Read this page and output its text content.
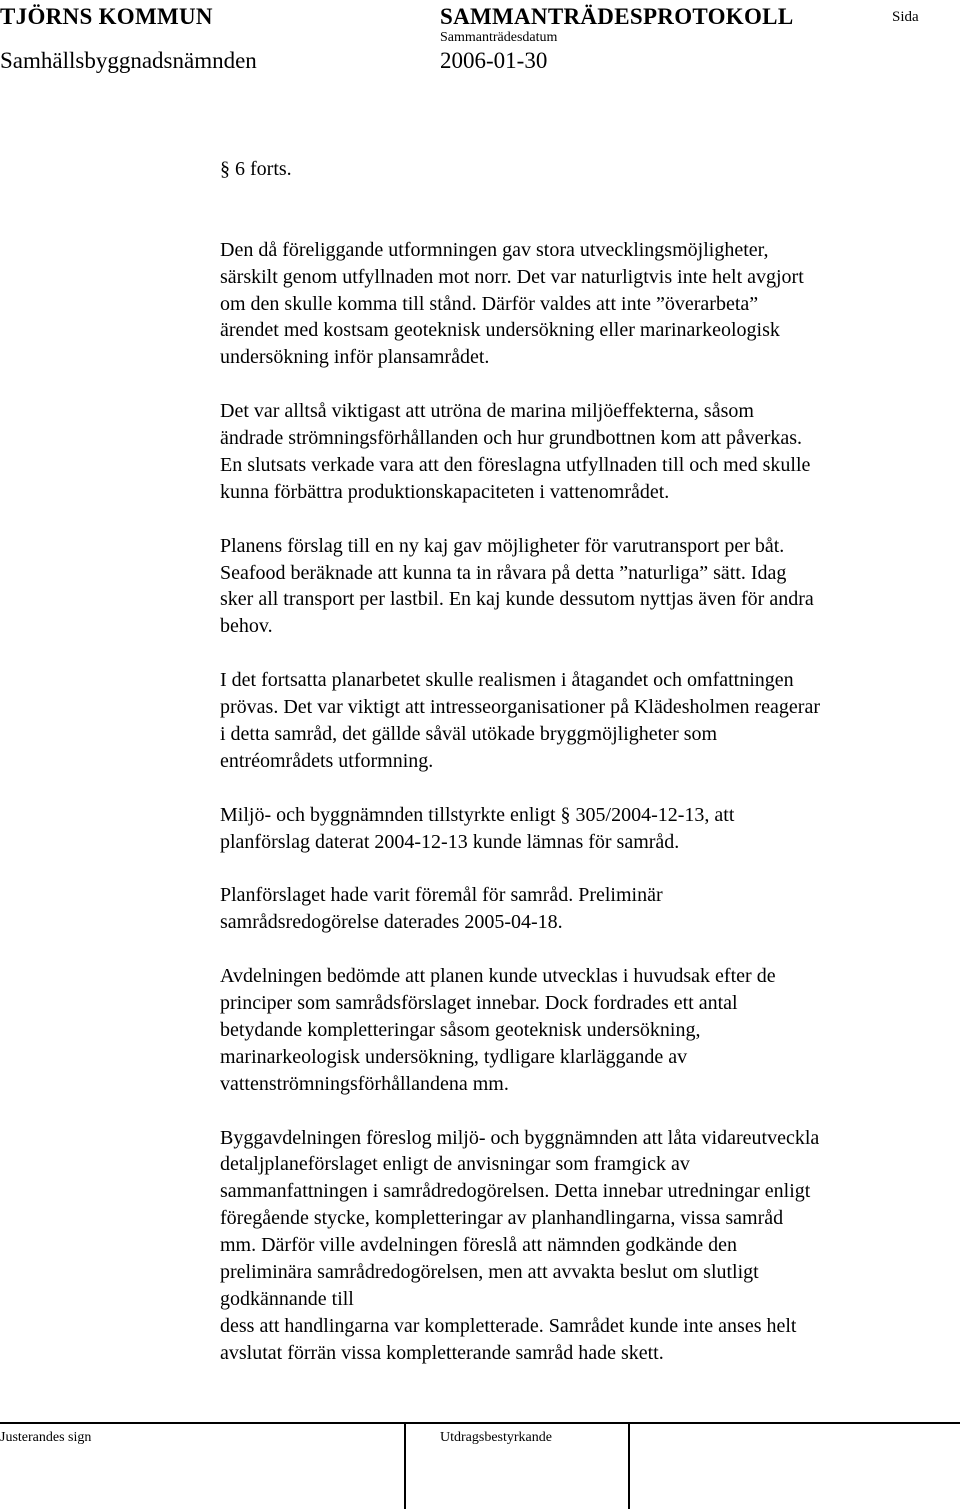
TJÖRNS KOMMUN	SAMMANTRÄDESPROTOKOLL	Sida
Sammanträdesdatum
Samhällsbyggnadsnämnden	2006-01-30
§ 6 forts.
Den då föreliggande utformningen gav stora utvecklingsmöjligheter,
särskilt genom utfyllnaden mot norr. Det var naturligtvis inte helt avgjort
om den skulle komma till stånd. Därför valdes att inte ”överarbeta”
ärendet med kostsam geoteknisk undersökning eller marinarkeologisk
undersökning inför plansamrådet.
Det var alltså viktigast att utröna de marina miljöeffekterna, såsom
ändrade strömningsförhållanden och hur grundbottnen kom att påverkas.
En slutsats verkade vara att den föreslagna utfyllnaden till och med skulle
kunna förbättra produktionskapaciteten i vattenområdet.
Planens förslag till en ny kaj gav möjligheter för varutransport per båt.
Seafood beräknade att kunna ta in råvara på detta ”naturliga” sätt. Idag
sker all transport per lastbil. En kaj kunde dessutom nyttjas även för andra
behov.
I det fortsatta planarbetet skulle realismen i åtagandet och omfattningen
prövas. Det var viktigt att intresseorganisationer på Klädesholmen reagerar
i detta samråd, det gällde såväl utökade bryggmöjligheter som
entréområdets utformning.
Miljö- och byggnämnden tillstyrkte enligt § 305/2004-12-13, att
planförslag daterat 2004-12-13 kunde lämnas för samråd.
Planförslaget hade varit föremål för samråd. Preliminär
samrådsredogörelse daterades 2005-04-18.
Avdelningen bedömde att planen kunde utvecklas i huvudsak efter de
principer som samrådsförslaget innebar. Dock fordrades ett antal
betydande kompletteringar såsom geoteknisk undersökning,
marinarkeologisk undersökning, tydligare klarläggande av
vattenströmningsförhållandena mm.
Byggavdelningen föreslog miljö- och byggnämnden att låta vidareutveckla
detaljplaneförslaget enligt de anvisningar som framgick av
sammanfattningen i samrådredogörelsen. Detta innebar utredningar enligt
föregående stycke, kompletteringar av planhandlingarna, vissa samråd
mm. Därför ville avdelningen föreslå att nämnden godkände den
preliminära samrådredogörelsen, men att avvakta beslut om slutligt
godkännande till
dess att handlingarna var kompletterade. Samrådet kunde inte anses helt
avslutat förrän vissa kompletterande samråd hade skett.
Justerandes sign	Utdragsbestyrkande
